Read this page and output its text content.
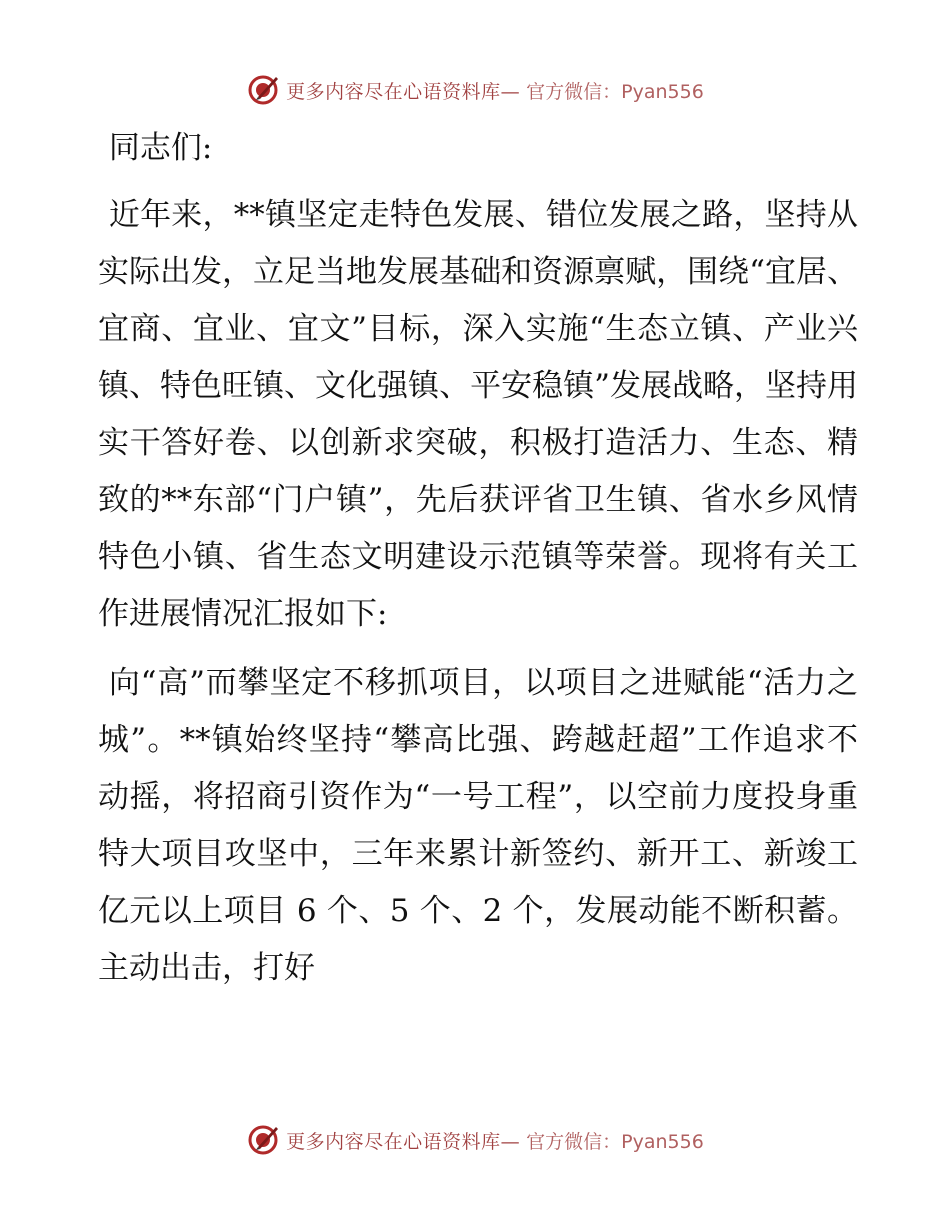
更多内容尽在心语资料库— 官方微信：Pyan556

同志们:

近年来，**镇坚定走特色发展、错位发展之路，坚持从实际出发，立足当地发展基础和资源禀赋，围绕“宜居、宜商、宜业、宜文”目标，深入实施“生态立镇、产业兴镇、特色旺镇、文化强镇、平安稳镇”发展战略，坚持用实干答好卷、以创新求突破，积极打造活力、生态、精致的**东部“门户镇”，先后获评省卫生镇、省水乡风情特色小镇、省生态文明建设示范镇等荣誉。现将有关工作进展情况汇报如下:

向“高”而攀坚定不移抓项目，以项目之进赋能“活力之城”。**镇始终坚持“攀高比强、跨越赶超”工作追求不动摇，将招商引资作为“一号工程”，以空前力度投身重特大项目攻坚中，三年来累计新签约、新开工、新竣工亿元以上项目 6 个、5 个、2 个，发展动能不断积蓄。主动出击，打好

更多内容尽在心语资料库— 官方微信：Pyan556
